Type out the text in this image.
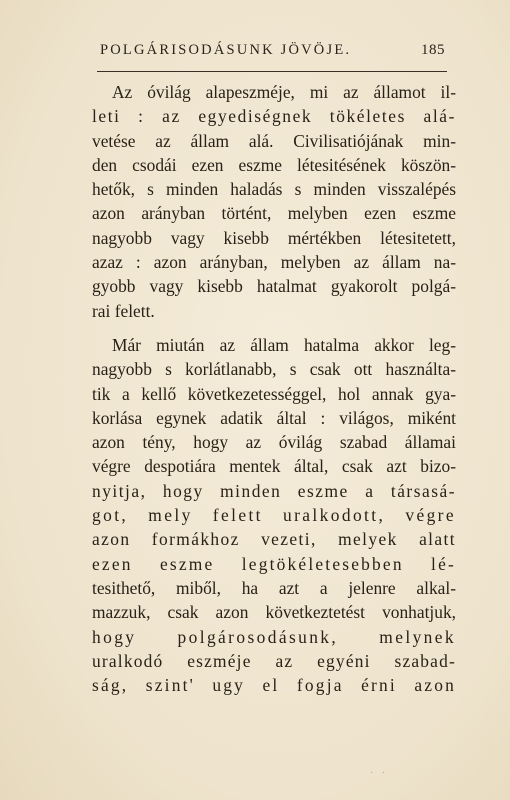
POLGÁRISODÁSUNK JÖVÖJE.	185
Az óvilág alapeszméje, mi az államot il-
leti : az egyediségnek tökéletes alá-
vetése az állam alá. Civilisatiójának min-
den csodái ezen eszme létesitésének köszön-
hetők, s minden haladás s minden visszalépés
azon arányban történt, melyben ezen eszme
nagyobb vagy kisebb mértékben létesitetett,
azaz : azon arányban, melyben az állam na-
gyobb vagy kisebb hatalmat gyakorolt polgá-
rai felett.
Már miután az állam hatalma akkor leg-
nagyobb s korlátlanabb, s csak ott használta-
tik a kellő következetességgel, hol annak gya-
korlása egynek adatik által : világos, miként
azon tény, hogy az óvilág szabad államai
végre despotiára mentek által, csak azt bizo-
nyitja, hogy minden eszme a társasá-
got, mely felett uralkodott, végre
azon formákhoz vezeti, melyek alatt
ezen eszme legtökéletesebben lé-
tesithető, miből, ha azt a jelenre alkal-
mazzuk, csak azon következtetést vonhatjuk,
hogy polgárosodásunk, melynek
uralkodó eszméje az egyéni szabad-
ság, szint' ugy el fogja érni azon
· ·
